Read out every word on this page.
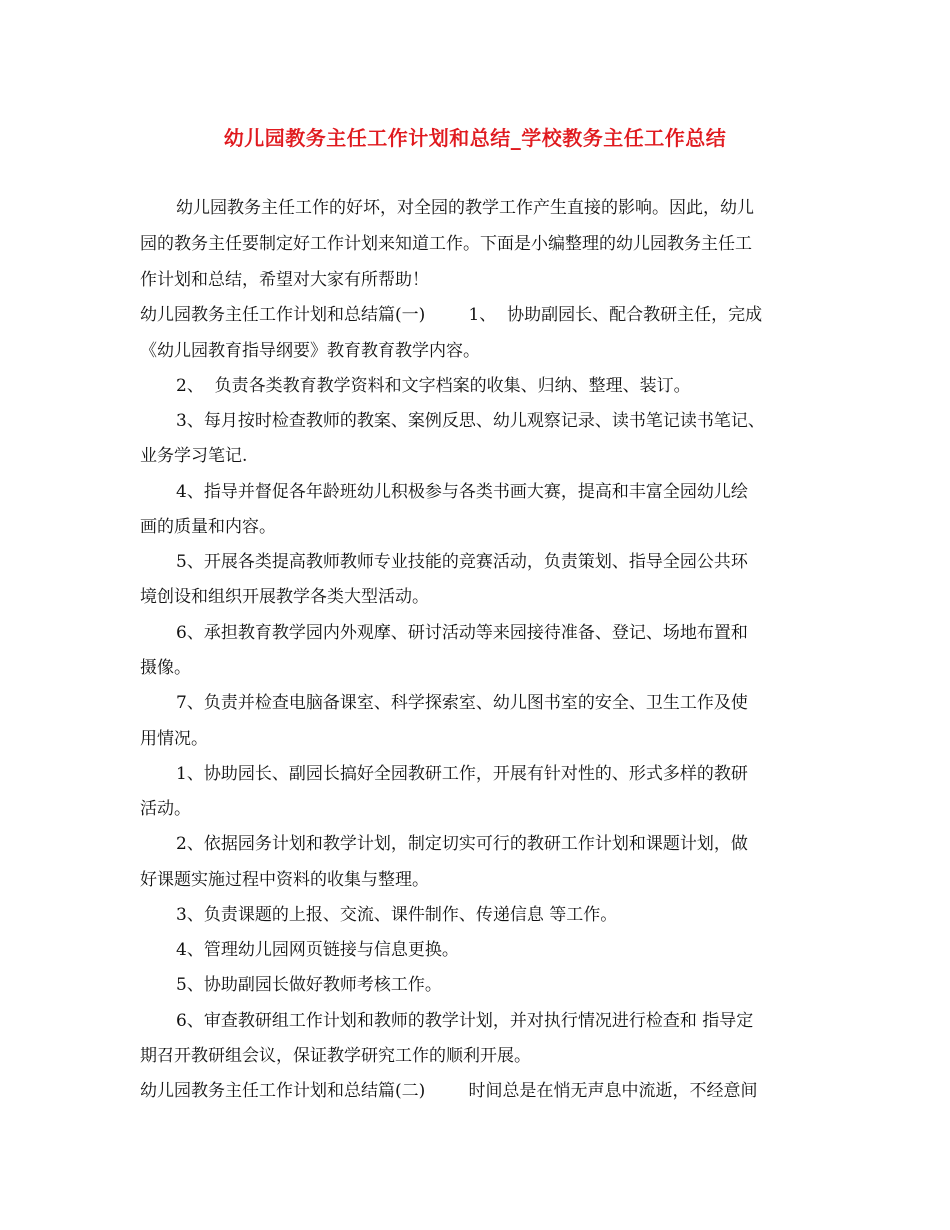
幼儿园教务主任工作计划和总结_学校教务主任工作总结
幼儿园教务主任工作的好坏，对全园的教学工作产生直接的影响。因此，幼儿
园的教务主任要制定好工作计划来知道工作。下面是小编整理的幼儿园教务主任工
作计划和总结，希望对大家有所帮助！
幼儿园教务主任工作计划和总结篇(一)        1、  协助副园长、配合教研主任，完成
《幼儿园教育指导纲要》教育教育教学内容。
2、  负责各类教育教学资料和文字档案的收集、归纳、整理、装订。
3、每月按时检查教师的教案、案例反思、幼儿观察记录、读书笔记读书笔记、
业务学习笔记.
4、指导并督促各年龄班幼儿积极参与各类书画大赛，提高和丰富全园幼儿绘
画的质量和内容。
5、开展各类提高教师教师专业技能的竞赛活动，负责策划、指导全园公共环
境创设和组织开展教学各类大型活动。
6、承担教育教学园内外观摩、研讨活动等来园接待准备、登记、场地布置和
摄像。
7、负责并检查电脑备课室、科学探索室、幼儿图书室的安全、卫生工作及使
用情况。
1、协助园长、副园长搞好全园教研工作，开展有针对性的、形式多样的教研
活动。
2、依据园务计划和教学计划，制定切实可行的教研工作计划和课题计划，做
好课题实施过程中资料的收集与整理。
3、负责课题的上报、交流、课件制作、传递信息 等工作。
4、管理幼儿园网页链接与信息更换。
5、协助副园长做好教师考核工作。
6、审查教研组工作计划和教师的教学计划，并对执行情况进行检查和 指导定
期召开教研组会议，保证教学研究工作的顺利开展。
幼儿园教务主任工作计划和总结篇(二)        时间总是在悄无声息中流逝，不经意间
